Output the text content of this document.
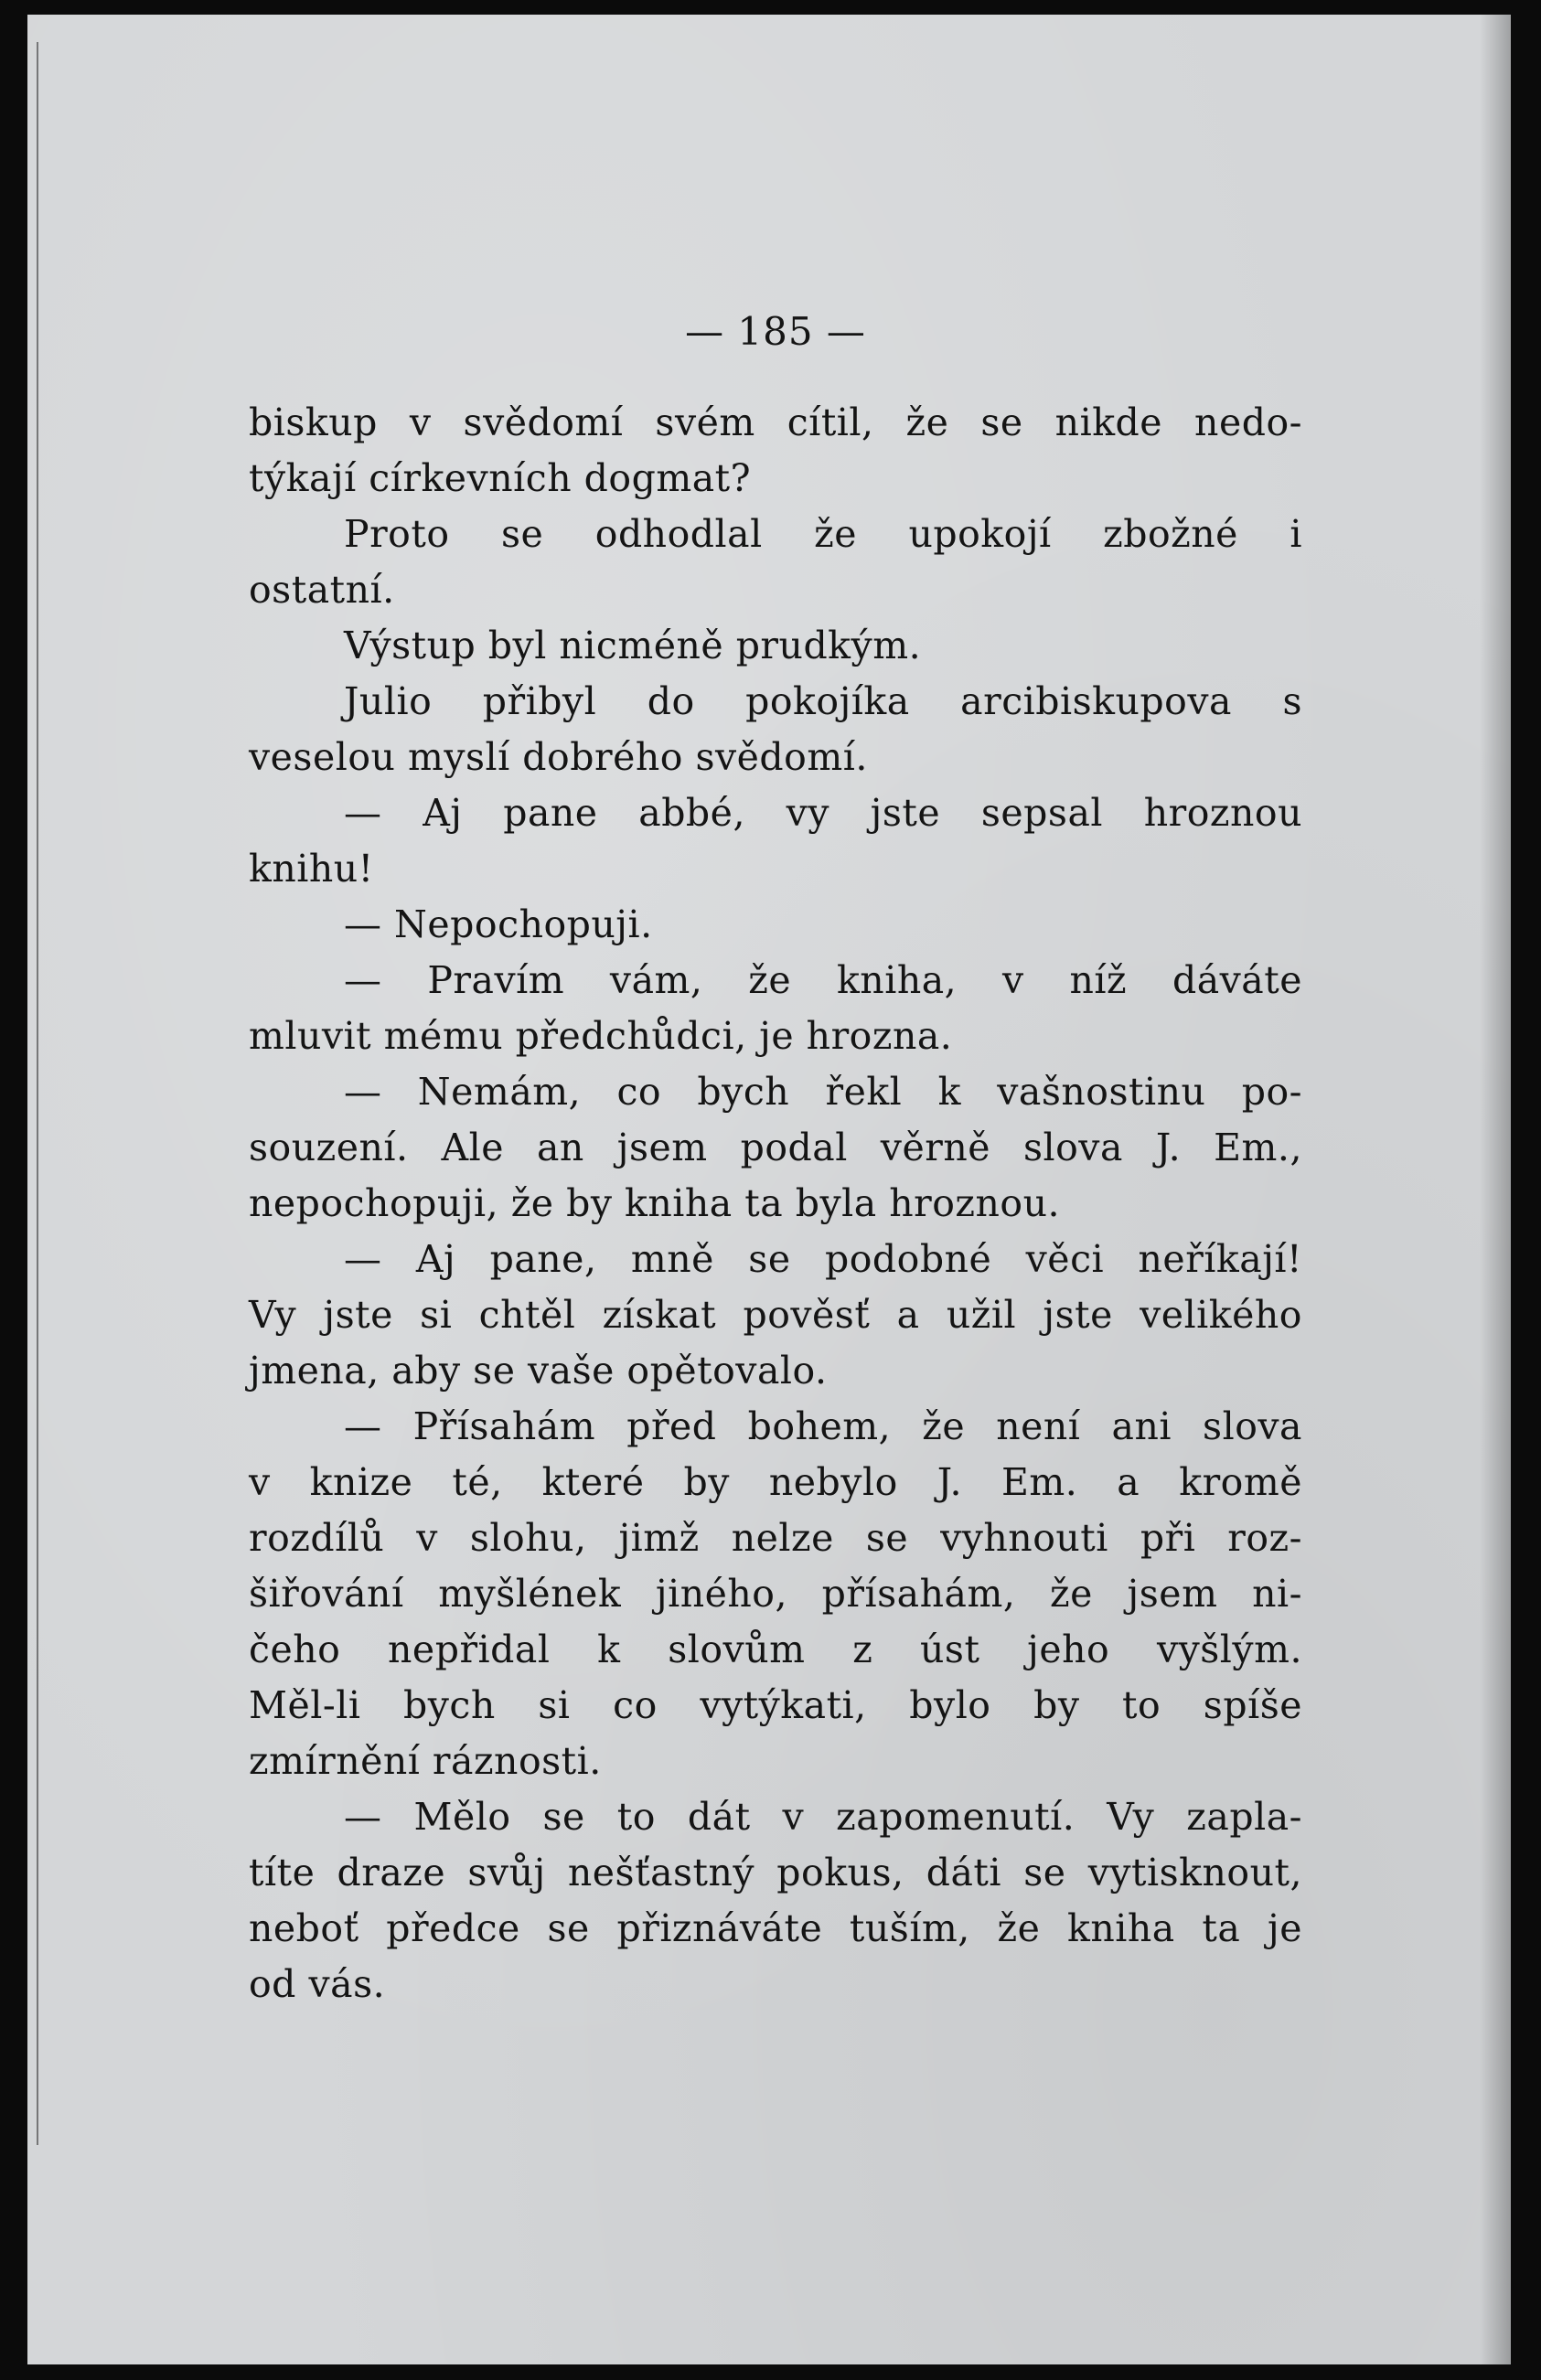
— 185 —
biskup v svědomí svém cítil, že se nikde nedo-
týkají církevních dogmat?
Proto se odhodlal že upokojí zbožné i
ostatní.
Výstup byl nicméně prudkým.
Julio přibyl do pokojíka arcibiskupova s
veselou myslí dobrého svědomí.
— Aj pane abbé, vy jste sepsal hroznou
knihu!
— Nepochopuji.
— Pravím vám, že kniha, v níž dáváte
mluvit mému předchůdci, je hrozna.
— Nemám, co bych řekl k vašnostinu po-
souzení. Ale an jsem podal věrně slova J. Em.,
nepochopuji, že by kniha ta byla hroznou.
— Aj pane, mně se podobné věci neříkají!
Vy jste si chtěl získat pověsť a užil jste velikého
jmena, aby se vaše opětovalo.
— Přísahám před bohem, že není ani slova
v knize té, které by nebylo J. Em. a kromě
rozdílů v slohu, jimž nelze se vyhnouti při roz-
šiřování myšlének jiného, přísahám, že jsem ni-
čeho nepřidal k slovům z úst jeho vyšlým.
Měl-li bych si co vytýkati, bylo by to spíše
zmírnění ráznosti.
— Mělo se to dát v zapomenutí. Vy zapla-
títe draze svůj nešťastný pokus, dáti se vytisknout,
neboť předce se přiznáváte tuším, že kniha ta je
od vás.
